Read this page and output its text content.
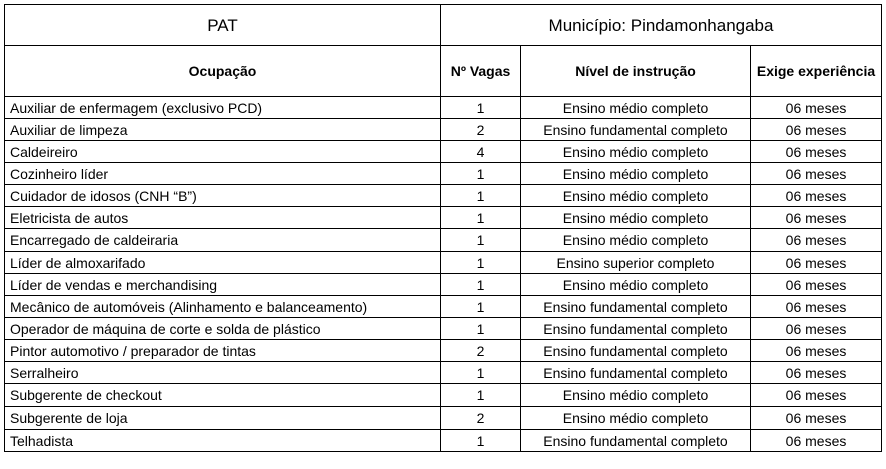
PAT	Município: Pindamonhangaba		
Ocupação	Nº Vagas	Nível de instrução	Exige experiência
Auxiliar de enfermagem (exclusivo PCD)	1	Ensino médio completo	06 meses
Auxiliar de limpeza	2	Ensino fundamental completo	06 meses
Caldeireiro	4	Ensino médio completo	06 meses
Cozinheiro líder	1	Ensino médio completo	06 meses
Cuidador de idosos (CNH “B”)	1	Ensino médio completo	06 meses
Eletricista de autos	1	Ensino médio completo	06 meses
Encarregado de caldeiraria	1	Ensino médio completo	06 meses
Líder de almoxarifado	1	Ensino superior completo	06 meses
Líder de vendas e merchandising	1	Ensino médio completo	06 meses
Mecânico de automóveis (Alinhamento e balanceamento)	1	Ensino fundamental completo	06 meses
Operador de máquina de corte e solda de plástico	1	Ensino fundamental completo	06 meses
Pintor automotivo / preparador de tintas	2	Ensino fundamental completo	06 meses
Serralheiro	1	Ensino fundamental completo	06 meses
Subgerente de checkout	1	Ensino médio completo	06 meses
Subgerente de loja	2	Ensino médio completo	06 meses
Telhadista	1	Ensino fundamental completo	06 meses
